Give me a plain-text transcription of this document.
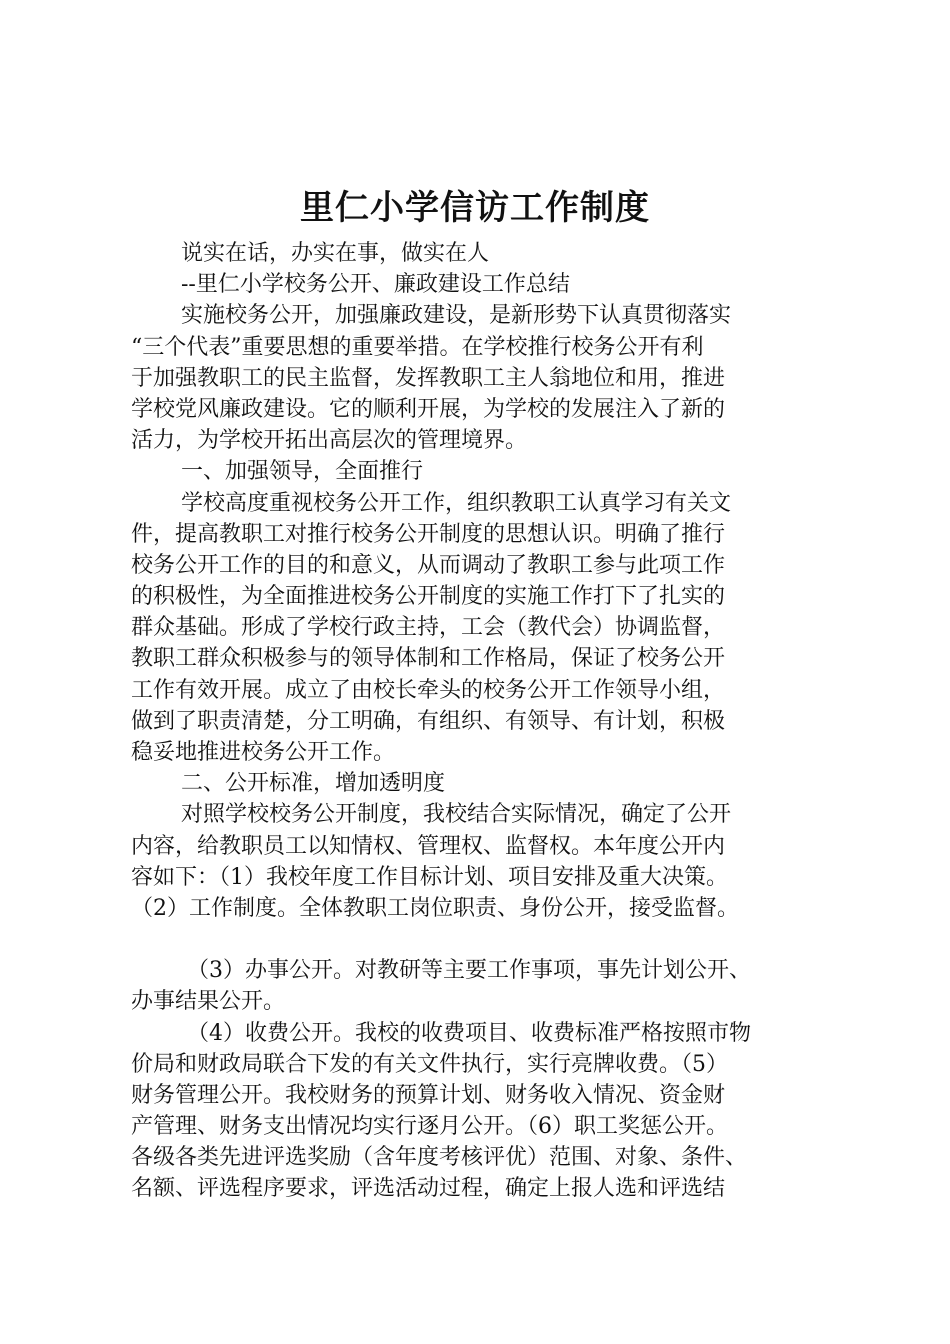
里仁小学信访工作制度
说实在话，办实在事，做实在人
--里仁小学校务公开、廉政建设工作总结
实施校务公开，加强廉政建设，是新形势下认真贯彻落实
“三个代表”重要思想的重要举措。在学校推行校务公开有利
于加强教职工的民主监督，发挥教职工主人翁地位和用，推进
学校党风廉政建设。它的顺利开展，为学校的发展注入了新的
活力，为学校开拓出高层次的管理境界。
一、加强领导，全面推行
学校高度重视校务公开工作，组织教职工认真学习有关文
件，提高教职工对推行校务公开制度的思想认识。明确了推行
校务公开工作的目的和意义，从而调动了教职工参与此项工作
的积极性，为全面推进校务公开制度的实施工作打下了扎实的
群众基础。形成了学校行政主持，工会（教代会）协调监督，
教职工群众积极参与的领导体制和工作格局，保证了校务公开
工作有效开展。成立了由校长牵头的校务公开工作领导小组，
做到了职责清楚，分工明确，有组织、有领导、有计划，积极
稳妥地推进校务公开工作。
二、公开标准，增加透明度
对照学校校务公开制度，我校结合实际情况，确定了公开
内容，给教职员工以知情权、管理权、监督权。本年度公开内
容如下：（1）我校年度工作目标计划、项目安排及重大决策。
（2）工作制度。全体教职工岗位职责、身份公开，接受监督。
（3）办事公开。对教研等主要工作事项，事先计划公开、
办事结果公开。
（4）收费公开。我校的收费项目、收费标准严格按照市物
价局和财政局联合下发的有关文件执行，实行亮牌收费。（5）
财务管理公开。我校财务的预算计划、财务收入情况、资金财
产管理、财务支出情况均实行逐月公开。（6）职工奖惩公开。
各级各类先进评选奖励（含年度考核评优）范围、对象、条件、
名额、评选程序要求，评选活动过程，确定上报人选和评选结
